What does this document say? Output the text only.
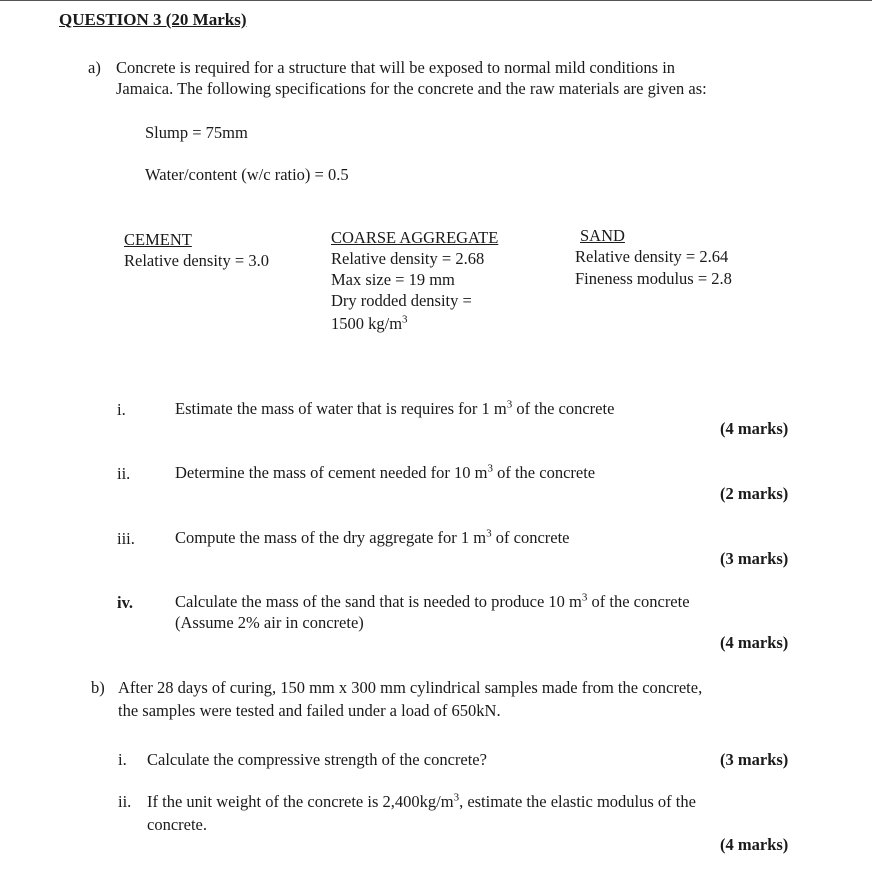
QUESTION 3 (20 Marks)
a) Concrete is required for a structure that will be exposed to normal mild conditions in
Jamaica. The following specifications for the concrete and the raw materials are given as:
Slump = 75mm
Water/content (w/c ratio) = 0.5
CEMENT
Relative density = 3.0
COARSE AGGREGATE
Relative density = 2.68
Max size = 19 mm
Dry rodded density =
1500 $kg/m^3$
SAND
Relative density = 2.64
Fineness modulus = 2.8
i.	Estimate the mass of water that is requires for 1 $m^3$ of the concrete
(4 marks)
ii.	Determine the mass of cement needed for 10 $m^3$ of the concrete
(2 marks)
iii. Compute the mass of the dry aggregate for 1 $m^3$ of concrete
(3 marks)
iv.	Calculate the mass of the sand that is needed to produce 10 $m^3$ of the concrete
(Assume 2% air in concrete)
(4 marks)
b) After 28 days of curing, 150 mm x 300 mm cylindrical samples made from the concrete,
the samples were tested and failed under a load of 650kN.
i. Calculate the compressive strength of the concrete?	(3 marks)
ii. If the unit weight of the concrete is $2,400kg/m^3$, estimate the elastic modulus of the
concrete.
(4 marks)
